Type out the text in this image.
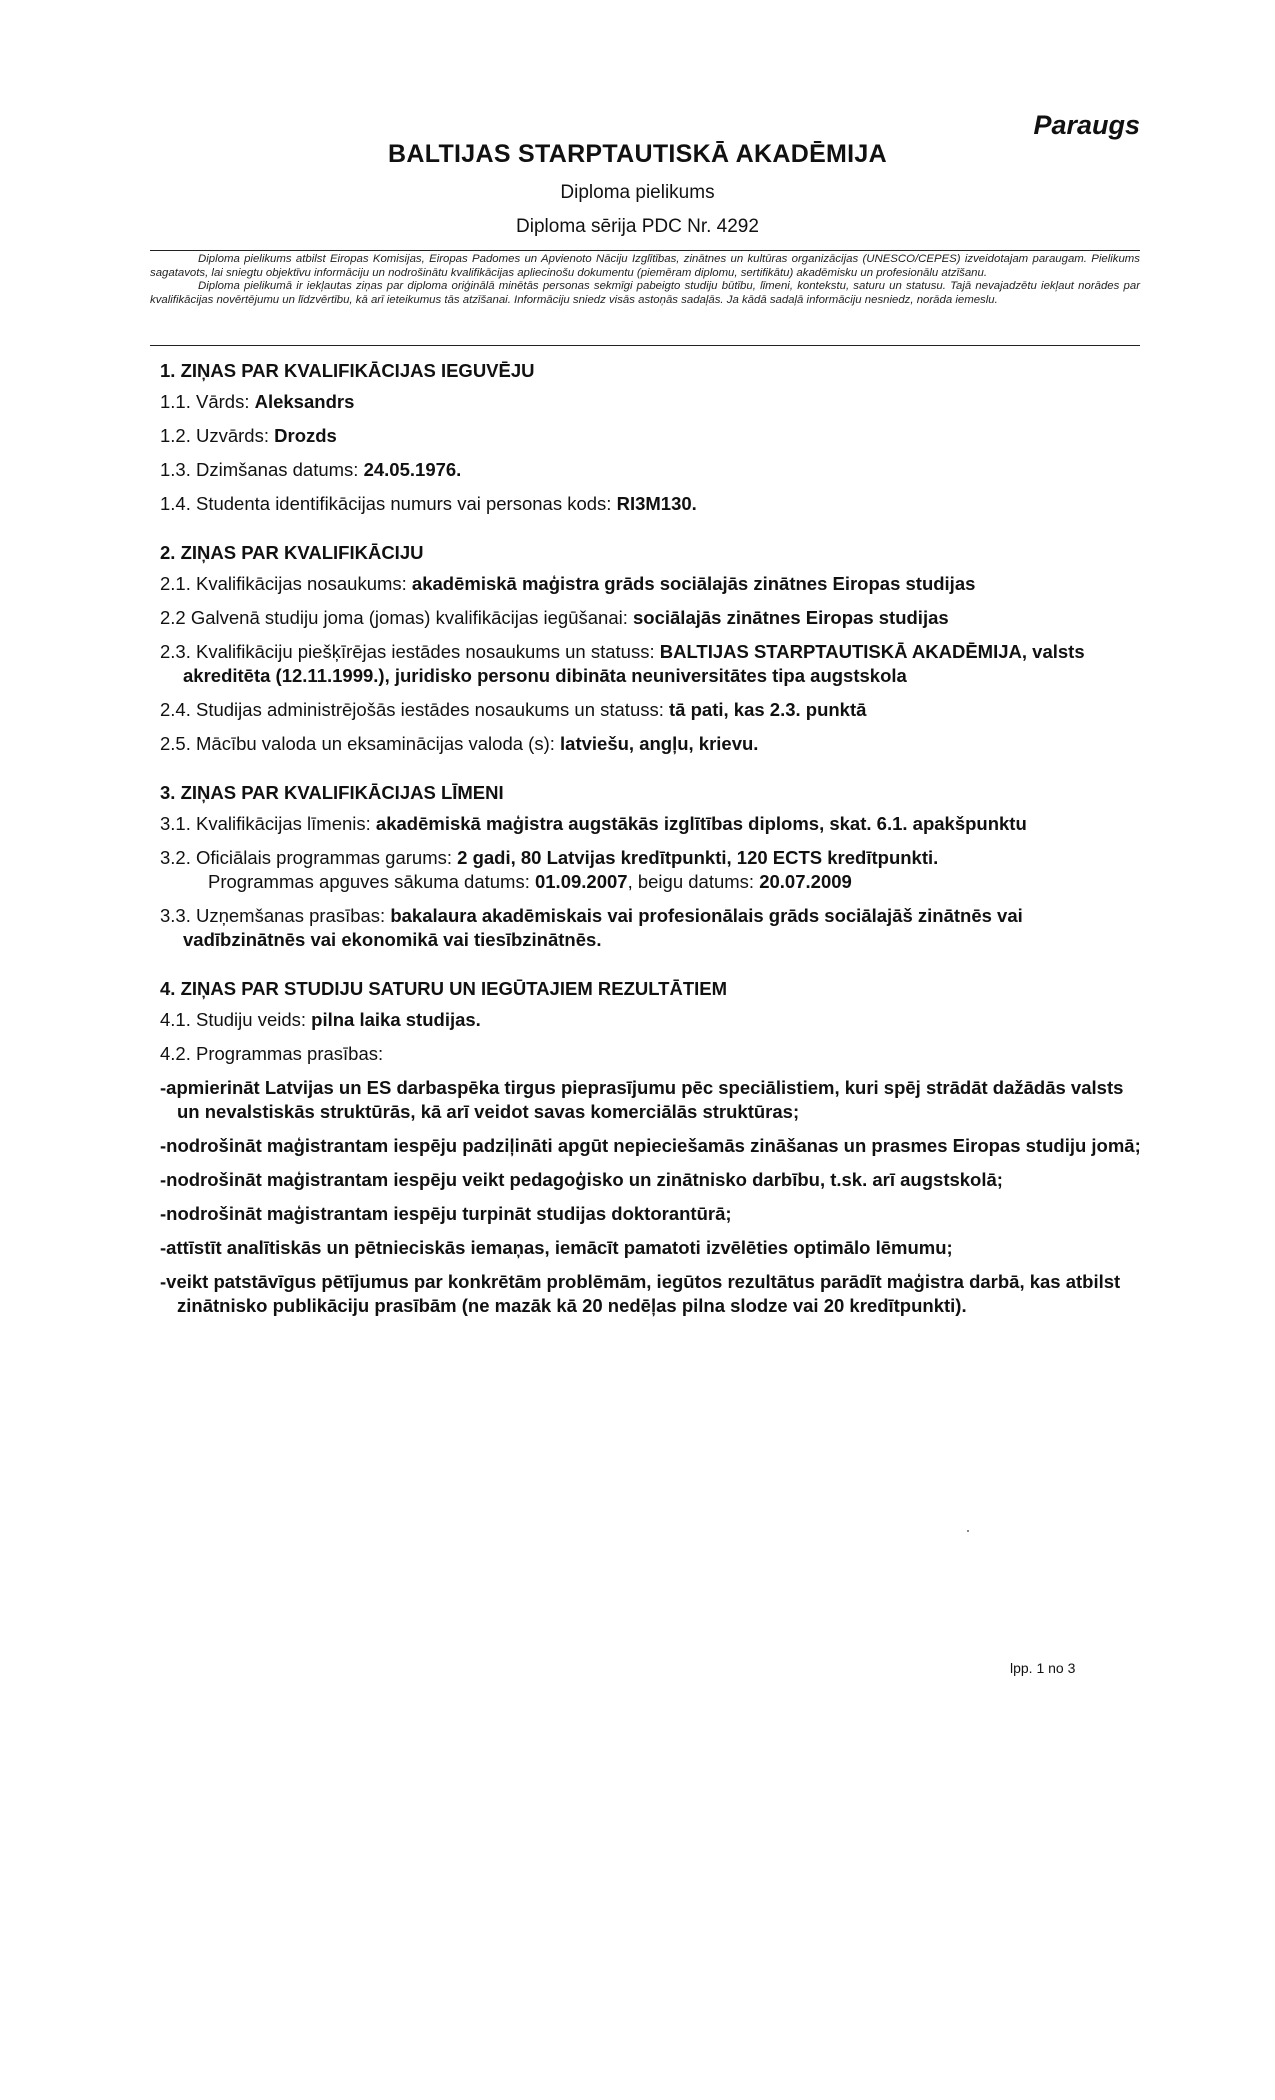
Paraugs
BALTIJAS STARPTAUTISKĀ AKADĒMIJA
Diploma pielikums
Diploma sērija PDC Nr. 4292

Diploma pielikums atbilst Eiropas Komisijas, Eiropas Padomes un Apvienoto Nāciju Izglītības, zinātnes un kultūras organizācijas (UNESCO/CEPES) izveidotajam paraugam. Pielikums sagatavots, lai sniegtu objektīvu informāciju un nodrošinātu kvalifikācijas apliecinošu dokumentu (piemēram diplomu, sertifikātu) akadēmisku un profesionālu atzīšanu.

Diploma pielikumā ir iekļautas ziņas par diploma oriģinālā minētās personas sekmīgi pabeigto studiju būtību, līmeni, kontekstu, saturu un statusu. Tajā nevajadzētu iekļaut norādes par kvalifikācijas novērtējumu un līdzvērtību, kā arī ieteikumus tās atzīšanai. Informāciju sniedz visās astoņās sadaļās. Ja kādā sadaļā informāciju nesniedz, norāda iemeslu.

1. ZIŅAS PAR KVALIFIKĀCIJAS IEGUVĒJU

1.1. Vārds: Aleksandrs

1.2. Uzvārds: Drozds

1.3. Dzimšanas datums: 24.05.1976.

1.4. Studenta identifikācijas numurs vai personas kods: RI3M130.

2. ZIŅAS PAR KVALIFIKĀCIJU

2.1. Kvalifikācijas nosaukums: akadēmiskā maģistra grāds sociālajās zinātnes Eiropas studijas

2.2 Galvenā studiju joma (jomas) kvalifikācijas iegūšanai: sociālajās zinātnes Eiropas studijas

2.3. Kvalifikāciju piešķīrējas iestādes nosaukums un statuss: BALTIJAS STARPTAUTISKĀ AKADĒMIJA, valsts
akreditēta (12.11.1999.), juridisko personu dibināta neuniversitātes tipa augstskola

2.4. Studijas administrējošās iestādes nosaukums un statuss: tā pati, kas 2.3. punktā

2.5. Mācību valoda un eksaminācijas valoda (s): latviešu, angļu, krievu.

3. ZIŅAS PAR KVALIFIKĀCIJAS LĪMENI

3.1. Kvalifikācijas līmenis: akadēmiskā maģistra augstākās izglītības diploms, skat. 6.1. apakšpunktu

3.2. Oficiālais programmas garums: 2 gadi, 80 Latvijas kredītpunkti, 120 ECTS kredītpunkti.
Programmas apguves sākuma datums: 01.09.2007, beigu datums: 20.07.2009

3.3. Uzņemšanas prasības: bakalaura akadēmiskais vai profesionālais grāds sociālajāš zinātnēs vai
vadībzinātnēs vai ekonomikā vai tiesībzinātnēs.

4. ZIŅAS PAR STUDIJU SATURU UN IEGŪTAJIEM REZULTĀTIEM

4.1. Studiju veids: pilna laika studijas.

4.2. Programmas prasības:

-apmierināt Latvijas un ES darbaspēka tirgus pieprasījumu pēc speciālistiem, kuri spēj strādāt dažādās valsts un nevalstiskās struktūrās, kā arī veidot savas komerciālās struktūras;

-nodrošināt maģistrantam iespēju padziļināti apgūt nepieciešamās zināšanas un prasmes Eiropas studiju jomā;

-nodrošināt maģistrantam iespēju veikt pedagoģisko un zinātnisko darbību, t.sk. arī augstskolā;

-nodrošināt maģistrantam iespēju turpināt studijas doktorantūrā;

-attīstīt analītiskās un pētnieciskās iemaņas, iemācīt pamatoti izvēlēties optimālo lēmumu;

-veikt patstāvīgus pētījumus par konkrētām problēmām, iegūtos rezultātus parādīt maģistra darbā, kas atbilst zinātnisko publikāciju prasībām (ne mazāk kā 20 nedēļas pilna slodze vai 20 kredītpunkti).

lpp. 1 no 3
